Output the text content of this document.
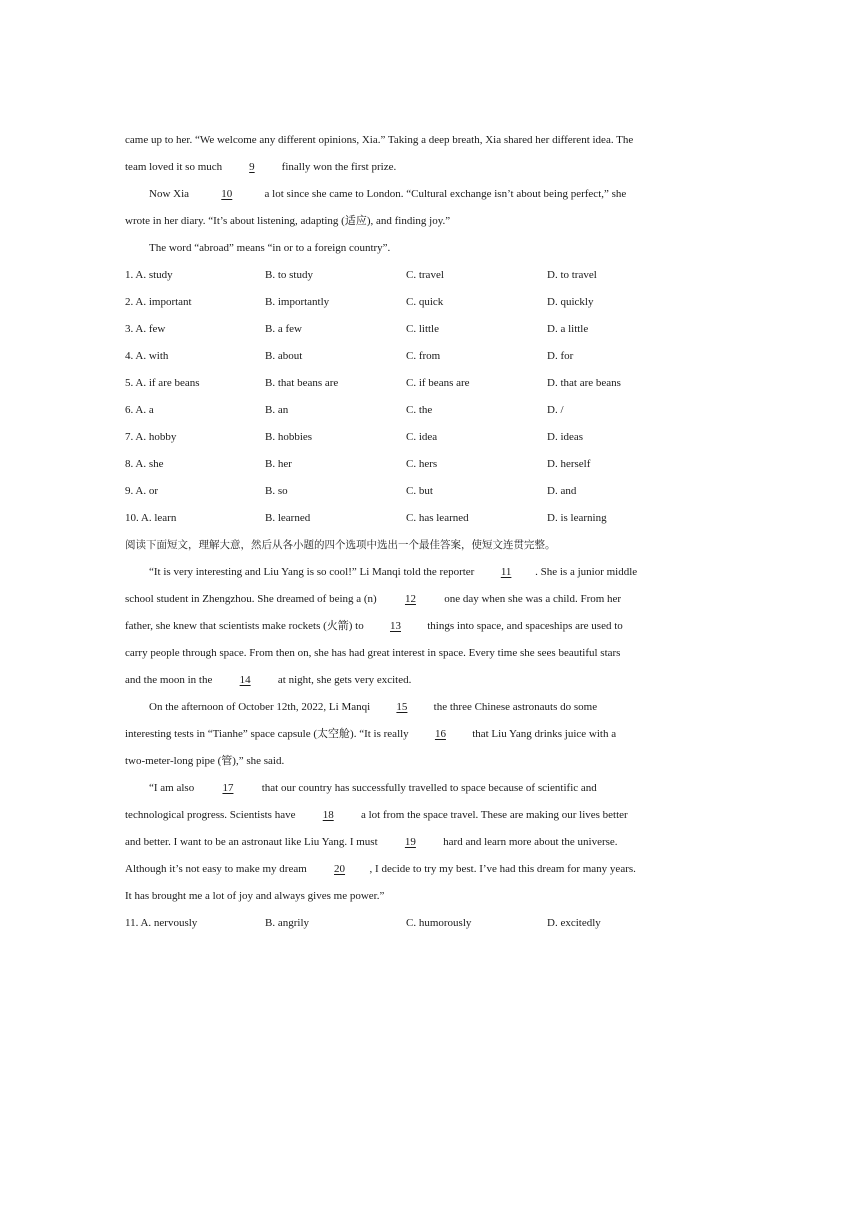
came up to her. “We welcome any different opinions, Xia.” Taking a deep breath, Xia shared her different idea. The
team loved it so much 9 finally won the first prize.
Now Xia	10	a lot since she came to London. “Cultural exchange isn’t about being perfect,” she
wrote in her diary. “It’s about listening, adapting (适应), and finding joy.”
The word “abroad” means “in or to a foreign country”.
1. A. study	B. to study	C. travel	D. to travel
2. A. important	B. importantly	C. quick	D. quickly
3. A. few	B. a few	C. little	D. a little
4. A. with	B. about	C. from	D. for
5. A. if are beans	B. that beans are	C. if beans are	D. that are beans
6. A. a	B. an	C. the	D. /
7. A. hobby	B. hobbies	C. idea	D. ideas
8. A. she	B. her	C. hers	D. herself
9. A. or	B. so	C. but	D. and
10. A. learn	B. learned	C. has learned	D. is learning
阅读下面短文，理解大意，然后从各小题的四个选项中选出一个最佳答案，使短文连贯完整。
“It is very interesting and Liu Yang is so cool!” Li Manqi told the reporter 11 . She is a junior middle
school student in Zhengzhou. She dreamed of being a (n) 12 one day when she was a child. From her
father, she knew that scientists make rockets (火箭) to 13 things into space, and spaceships are used to
carry people through space. From then on, she has had great interest in space. Every time she sees beautiful stars
and the moon in the 14 at night, she gets very excited.
On the afternoon of October 12th, 2022, Li Manqi 15 the three Chinese astronauts do some
interesting tests in “Tianhe” space capsule (太空舱). “It is really 16 that Liu Yang drinks juice with a
two-meter-long pipe (管),” she said.
“I am also 17 that our country has successfully travelled to space because of scientific and
technological progress. Scientists have 18 a lot from the space travel. These are making our lives better
and better. I want to be an astronaut like Liu Yang. I must 19 hard and learn more about the universe.
Although it’s not easy to make my dream 20 , I decide to try my best. I’ve had this dream for many years.
It has brought me a lot of joy and always gives me power.”
11. A. nervously	B. angrily	C. humorously	D. excitedly
